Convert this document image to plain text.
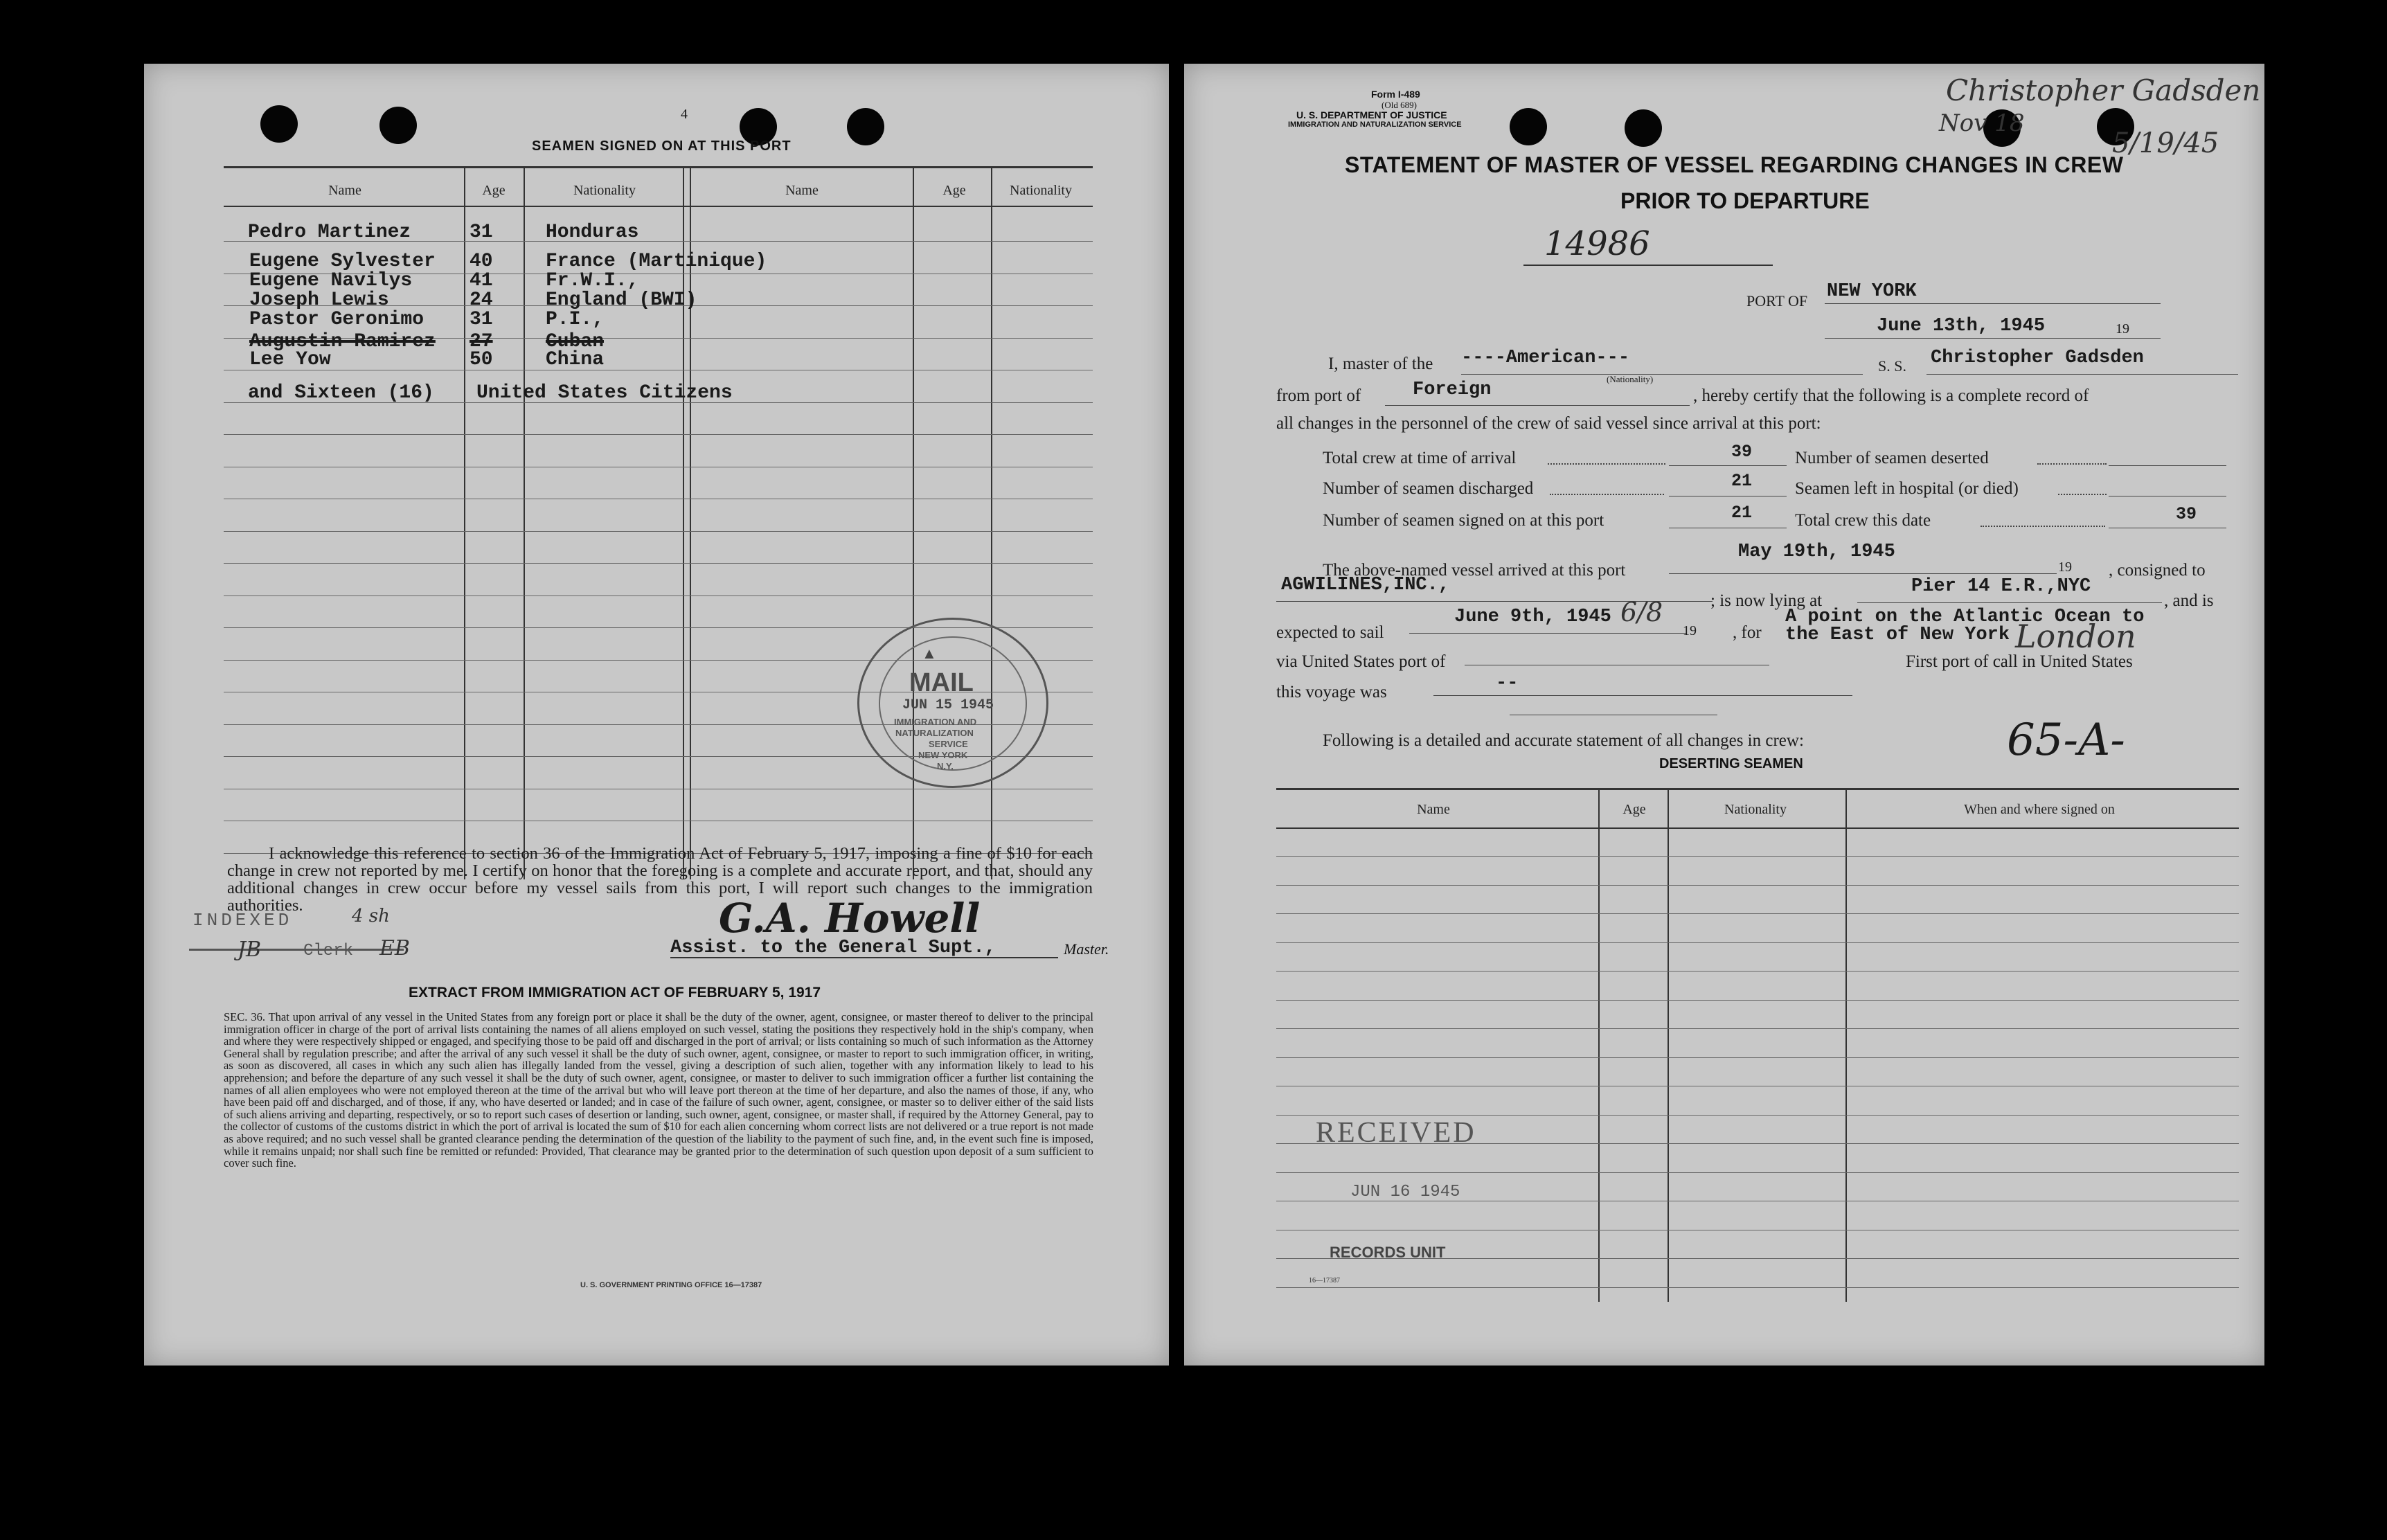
4
SEAMEN SIGNED ON AT THIS PORT
Name	Age	Nationality	Name	Age	Nationality
Pedro Martinez	31	Honduras
Eugene Sylvester 40	France (Martinique)
Eugene Navilys	41	Fr.W.I.,
Joseph Lewis	24	England (BWI)
Pastor Geronimo 31	P.I.,
Augustin Ramirez 27	Cuban
Lee Yow	50	China
and Sixteen (16) United States Citizens
▲
MAIL
JUN 15 1945
IMMIGRATION AND
NATURALIZATION
SERVICE
NEW YORK
N.Y.
I acknowledge this reference to section 36 of the Immigration Act of February 5, 1917, imposing a fine of $10 for each change in crew not reported by me. I certify on honor that the foregoing is a complete and accurate report, and that, should any additional changes in crew occur before my vessel sails from this port, I will report such changes to the immigration authorities.
INDEXED	4 sh
JB	Clerk EB
G.A. Howell
Assist. to the General Supt.,	Master.
EXTRACT FROM IMMIGRATION ACT OF FEBRUARY 5, 1917
SEC. 36. That upon arrival of any vessel in the United States from any foreign port or place it shall be the duty of the owner, agent, consignee, or master thereof to deliver to the principal immigration officer in charge of the port of arrival lists containing the names of all aliens employed on such vessel, stating the positions they respectively hold in the ship's company, when and where they were respectively shipped or engaged, and specifying those to be paid off and discharged in the port of arrival; or lists containing so much of such information as the Attorney General shall by regulation prescribe; and after the arrival of any such vessel it shall be the duty of such owner, agent, consignee, or master to report to such immigration officer, in writing, as soon as discovered, all cases in which any such alien has illegally landed from the vessel, giving a description of such alien, together with any information likely to lead to his apprehension; and before the departure of any such vessel it shall be the duty of such owner, agent, consignee, or master to deliver to such immigration officer a further list containing the names of all alien employees who were not employed thereon at the time of the arrival but who will leave port thereon at the time of her departure, and also the names of those, if any, who have been paid off and discharged, and of those, if any, who have deserted or landed; and in case of the failure of such owner, agent, consignee, or master so to deliver either of the said lists of such aliens arriving and departing, respectively, or so to report such cases of desertion or landing, such owner, agent, consignee, or master shall, if required by the Attorney General, pay to the collector of customs of the customs district in which the port of arrival is located the sum of $10 for each alien concerning whom correct lists are not delivered or a true report is not made as above required; and no such vessel shall be granted clearance pending the determination of the question of the liability to the payment of such fine, and, in the event such fine is imposed, while it remains unpaid; nor shall such fine be remitted or refunded: Provided, That clearance may be granted prior to the determination of such question upon deposit of a sum sufficient to cover such fine.
U. S. GOVERNMENT PRINTING OFFICE 16—17387
Form I-489
(Old 689)
U. S. DEPARTMENT OF JUSTICE
IMMIGRATION AND NATURALIZATION SERVICE
Christopher Gadsden
Nov 18
5/19/45
STATEMENT OF MASTER OF VESSEL REGARDING CHANGES IN CREW
PRIOR TO DEPARTURE
14986
PORT OF NEW YORK
June 13th, 1945	19
I, master of the ----American---
(Nationality)
S. S. Christopher Gadsden
from port of	Foreign	, hereby certify that the following is a complete record of
all changes in the personnel of the crew of said vessel since arrival at this port:
Total crew at time of arrival	39 Number of seamen deserted
Number of seamen discharged	21 Seamen left in hospital (or died)
Number of seamen signed on at this port	21 Total crew this date	39
May 19th, 1945
The above-named vessel arrived at this port	19 , consigned to
AGWILINES,INC.,
; is now lying at
Pier 14 E.R.,NYC
, and is
expected to sail
June 9th, 1945 6/8
19 , for
A point on the Atlantic Ocean to
the East of New York London
via United States port of	First port of call in United States
this voyage was	--
Following is a detailed and accurate statement of all changes in crew:	65-A-
DESERTING SEAMEN
Name	Age	Nationality	When and where signed on
RECEIVED
JUN 16 1945
RECORDS UNIT
16—17387
